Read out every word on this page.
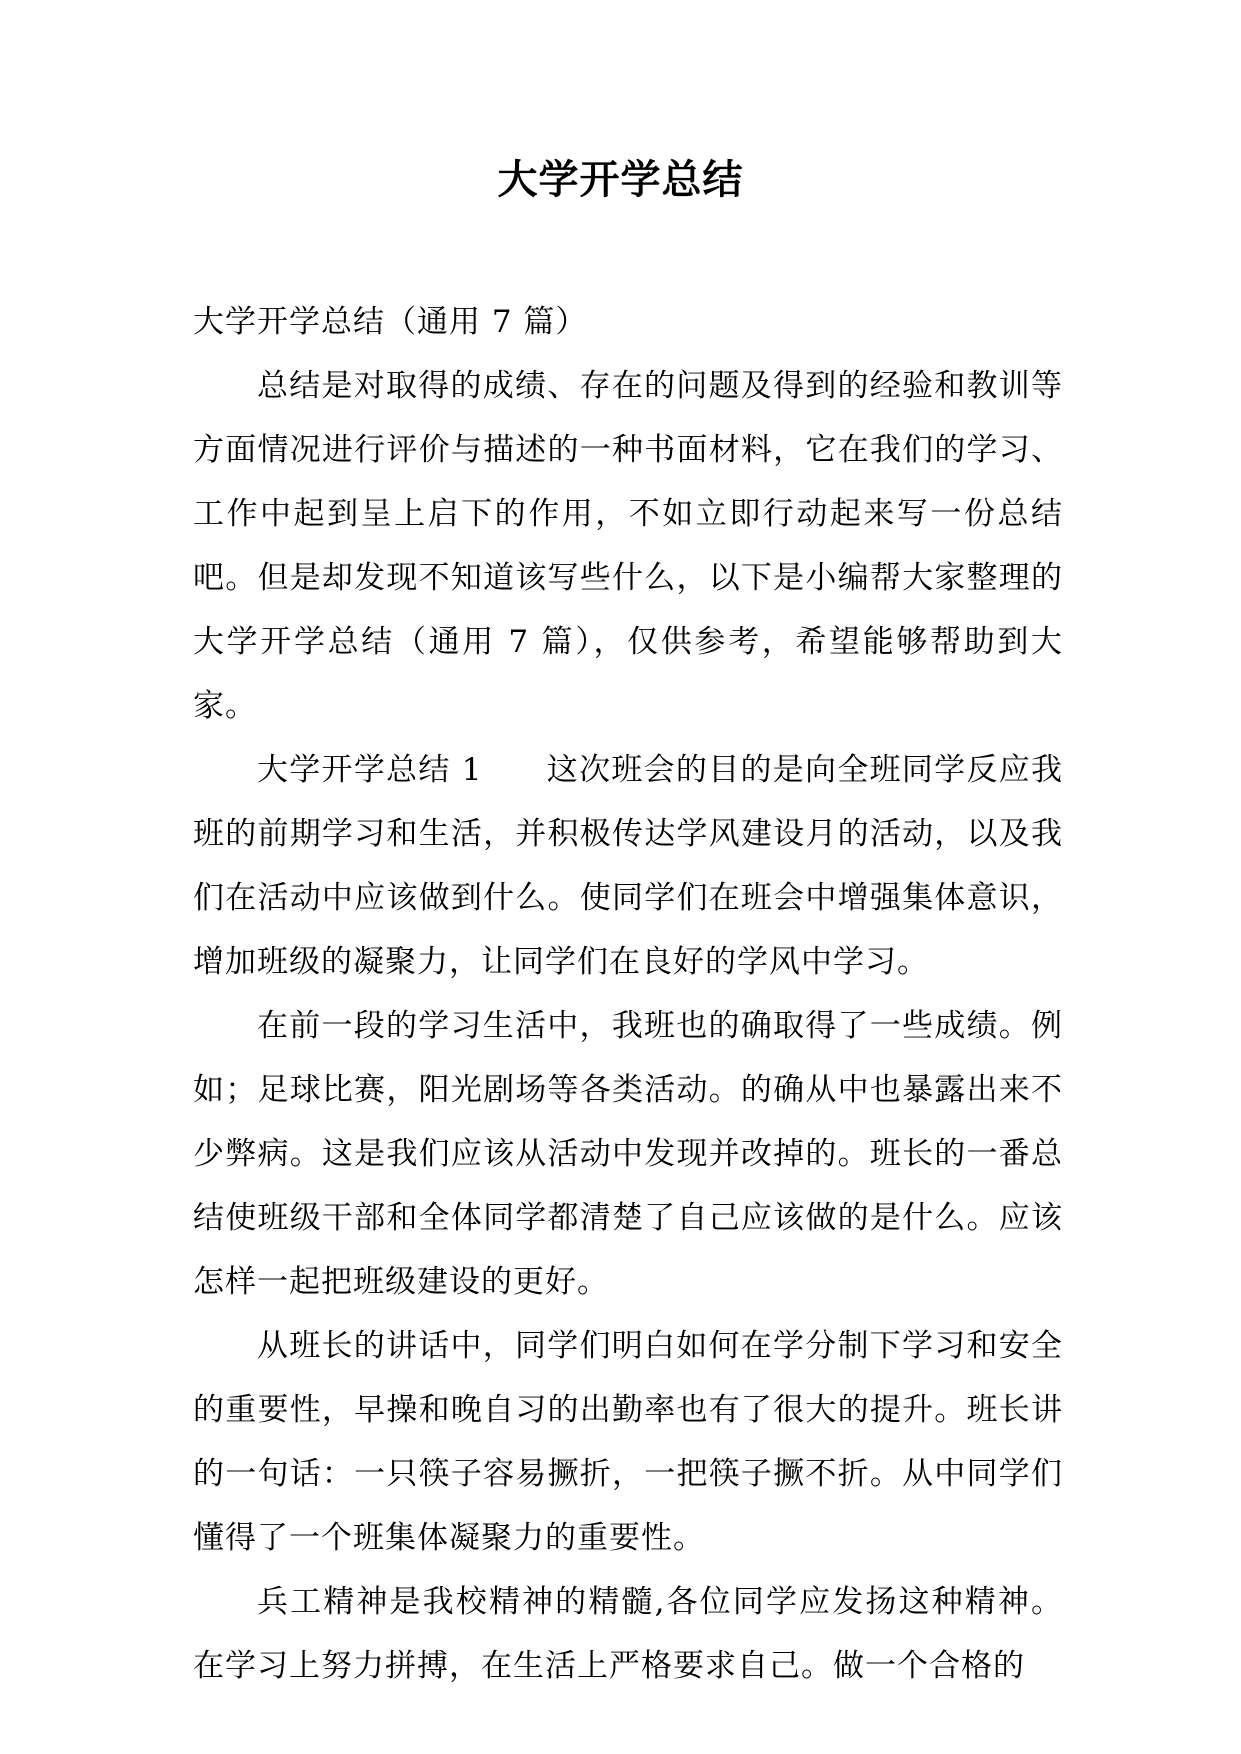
大学开学总结

大学开学总结（通用 7 篇）

总结是对取得的成绩、存在的问题及得到的经验和教训等方面情况进行评价与描述的一种书面材料，它在我们的学习、工作中起到呈上启下的作用，不如立即行动起来写一份总结吧。但是却发现不知道该写些什么，以下是小编帮大家整理的大学开学总结（通用 7 篇），仅供参考，希望能够帮助到大家。

大学开学总结 1 这次班会的目的是向全班同学反应我班的前期学习和生活，并积极传达学风建设月的活动，以及我们在活动中应该做到什么。使同学们在班会中增强集体意识，增加班级的凝聚力，让同学们在良好的学风中学习。

在前一段的学习生活中，我班也的确取得了一些成绩。例如；足球比赛，阳光剧场等各类活动。的确从中也暴露出来不少弊病。这是我们应该从活动中发现并改掉的。班长的一番总结使班级干部和全体同学都清楚了自己应该做的是什么。应该怎样一起把班级建设的更好。

从班长的讲话中，同学们明白如何在学分制下学习和安全的重要性，早操和晚自习的出勤率也有了很大的提升。班长讲的一句话：一只筷子容易撅折，一把筷子撅不折。从中同学们懂得了一个班集体凝聚力的重要性。

兵工精神是我校精神的精髓,各位同学应发扬这种精神。在学习上努力拼搏，在生活上严格要求自己。做一个合格的
